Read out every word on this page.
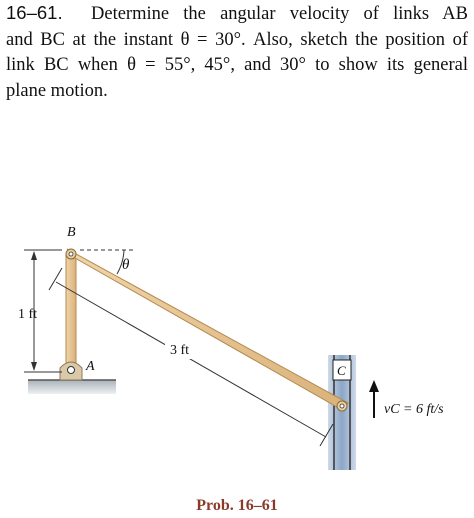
16–61. Determine the angular velocity of links AB
and BC at the instant θ = 30°. Also, sketch the position of
link BC when θ = 55°, 45°, and 30° to show its general
plane motion.
B
θ
1 ft
3 ft
A	C
vC = 6 ft/s
Prob. 16–61
